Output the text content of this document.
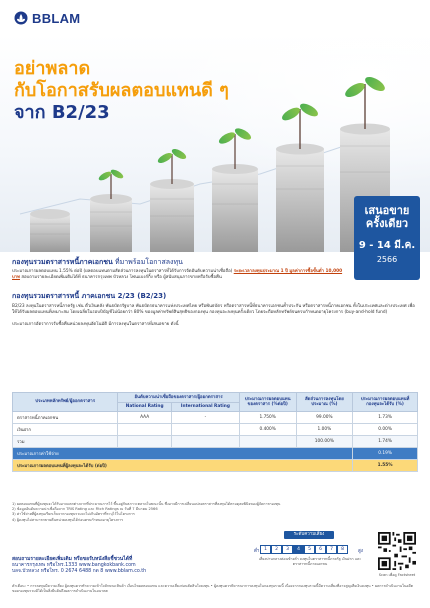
BBLAM
อย่าพลาด
กับโอกาสรับผลตอบแทนดี ๆ
จาก B2/23
เสนอขาย
ครั้งเดียว
9 - 14 มี.ค.
2566
กองทุนรวมตราสารหนี้ภาคเอกชน ที่มาพร้อมโอกาสลงทุน
ประมาณการผลตอบแทน 1.55% ต่อปี (ผลตอบแทนตามสัดส่วนการลงทุนในตราสารที่ได้รับการจัดอันดับความน่าเชื่อถือ) ระยะเวลาลงทุนประมาณ 1 ปี มูลค่าการซื้อขั้นต่ำ 10,000 บาท สอบถามรายละเอียดเพิ่มเติมได้ที่ ธนาคารกรุงเทพ บัวหลวง โฟนแบงก์กิ้ง หรือ ผู้สนับสนุนการขายหรือรับซื้อคืน
กองทุนรวมตราสารหนี้ ภาคเอกชน 2/23 (B2/23)
B2/23 ลงทุนในตราสารหนี้ภาครัฐ เช่น ตั๋วเงินคลัง พันธบัตรรัฐบาล พันธบัตรธนาคารแห่งประเทศไทย หรือพันธบัตร หรือตราสารหนี้ที่ธนาคารเอกชนค้ำประกัน หรือตราสารหนี้ภาคเอกชน ทั้งในประเทศและต่างประเทศ เพื่อให้ได้รับผลตอบแทนที่เหมาะสม โดยเฉลี่ยในรอบปีบัญชีไม่น้อยกว่า 80% ของมูลค่าทรัพย์สินสุทธิของกองทุน กองทุนจะลงทุนครั้งเดียว โดยจะถือหลักทรัพย์จนครบกำหนดอายุโครงการ (buy-and-hold fund)
ประมาณการอัตราการรับซื้อคืนหน่วยลงทุนอัตโนมัติ มีการลงทุนในตราสารที่เสนอขาย ดังนี้
ประเภทหลักทรัพย์/ผู้ออกตราสาร	อันดับความน่าเชื่อถือของตราสาร/ผู้ออกตราสาร		ประมาณการผลตอบแทนของตราสาร (%ต่อปี)	สัดส่วนการลงทุนโดยประมาณ (%)	ประมาณการผลตอบแทนที่กองทุนจะได้รับ (%)
	National Rating	International Rating			
ตราสารหนี้ภาคเอกชน	AAA	-	1.750%	99.00%	1.73%
เงินฝาก			0.400%	1.00%	0.00%
รวม				100.00%	1.74%
ประมาณการค่าใช้จ่าย					0.19%
ประมาณการผลตอบแทนที่ผู้ลงทุนจะได้รับ (ต่อปี)					1.55%
1) ผลตอบแทนที่ผู้ลงทุนจะได้รับอาจแตกต่างจากที่ประมาณการไว้ ขึ้นอยู่กับสภาวะตลาดในขณะนั้น ซึ่งอาจมีการเปลี่ยนแปลงตราสารที่ลงทุนได้ตามดุลยพินิจของผู้จัดการกองทุน
2) ข้อมูลอันดับความน่าเชื่อถือจาก TRIS Rating และ Fitch Ratings ณ วันที่ 7 มีนาคม 2566
3) ค่าใช้จ่ายที่ผู้ลงทุนเรียกเก็บจากกองทุนรวมจะไม่เกินอัตราที่ระบุไว้ในโครงการ
4) ผู้ลงทุนไม่สามารถขายคืนหน่วยลงทุนได้ก่อนครบกำหนดอายุโครงการ
สอบถามรายละเอียดเพิ่มเติม หรือขอรับหนังสือชี้ชวนได้ที่
ธนาคารกรุงเทพ หรือโทร.1333 www.bangkokbank.com
บลจ.บัวหลวง หรือโทร. 0 2674 6488 กด 8 www.bblam.co.th
ระดับความเสี่ยง
ต่ำ	1	2	3	4	5	6	7	8	สูง
เสี่ยงปานกลางค่อนข้างต่ำ ลงทุนในตราสารหนี้ภาครัฐ เงินฝาก และตราสารหนี้ภาคเอกชน
Scan เพื่อดู Factsheet
คำเตือน: • การลงทุนมีความเสี่ยง ผู้ลงทุนควรทำความเข้าใจลักษณะสินค้า เงื่อนไขผลตอบแทน และความเสี่ยงก่อนตัดสินใจลงทุน • ผู้ลงทุนควรพิจารณาการลงทุนในกองทุนรวมนี้ เนื่องจากกองทุนรวมนี้มีความเสี่ยงที่อาจสูญเสียเงินลงทุน • ผลการดำเนินงานในอดีตของกองทุนรวมมิได้เป็นสิ่งยืนยันถึงผลการดำเนินงานในอนาคต
